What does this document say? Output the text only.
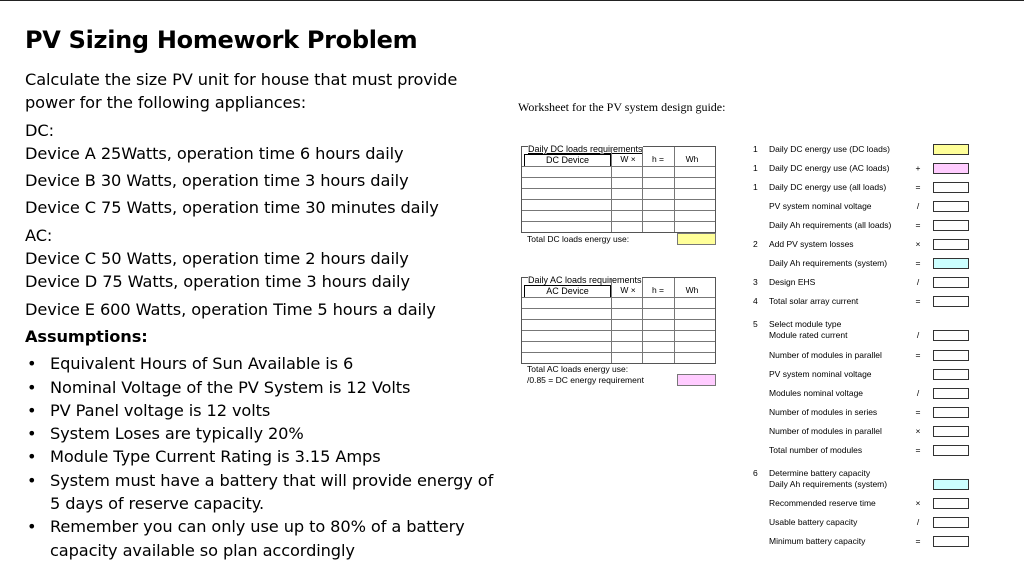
PV Sizing Homework Problem

Calculate the size PV unit for house that must provide power for the following appliances:

DC:

Device A 25Watts, operation time 6 hours daily

Device B 30 Watts, operation time 3 hours daily

Device C 75 Watts, operation time 30 minutes daily

AC:

Device C 50 Watts, operation time 2 hours daily

Device D 75 Watts, operation time 3 hours daily

Device E 600 Watts, operation Time 5 hours a daily

Assumptions:

• Equivalent Hours of Sun Available is 6
• Nominal Voltage of the PV System is 12 Volts
• PV Panel voltage is 12 volts
• System Loses are typically 20%
• Module Type Current Rating is 3.15 Amps
• System must have a battery that will provide energy of 5 days of reserve capacity.
• Remember you can only use up to 80% of a battery capacity available so plan accordingly
Worksheet for the PV system design guide:
Daily DC loads requirements
DC Device	W ×	h =	Wh
Total DC loads energy use:
Daily AC loads requirements
AC Device	W ×	h =	Wh
Total AC loads energy use:
/0.85 = DC energy requirement
1 Daily DC energy use (DC loads)
1 Daily DC energy use (AC loads)	+
1 Daily DC energy use (all loads)	=
PV system nominal voltage	/
Daily Ah requirements (all loads)	=
2 Add PV system losses	×
Daily Ah requirements (system)	=
3 Design EHS	/
4 Total solar array current	=
5 Select module type
Module rated current	/
Number of modules in parallel	=
PV system nominal voltage
Modules nominal voltage	/
Number of modules in series	=
Number of modules in parallel	×
Total number of modules	=
6 Determine battery capacity
Daily Ah requirements (system)
Recommended reserve time	×
Usable battery capacity	/
Minimum battery capacity	=
